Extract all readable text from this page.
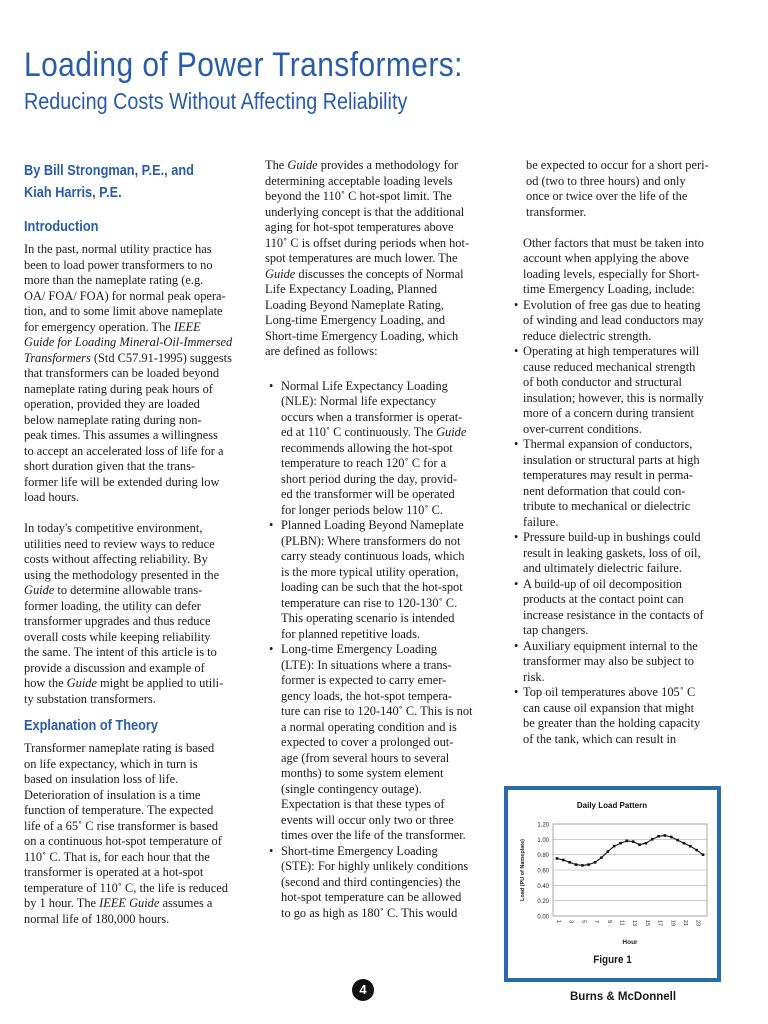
Loading of Power Transformers:
Reducing Costs Without Affecting Reliability
By Bill Strongman, P.E., and
Kiah Harris, P.E.
Introduction
In the past, normal utility practice has
been to load power transformers to no
more than the nameplate rating (e.g.
OA/ FOA/ FOA) for normal peak opera-
tion, and to some limit above nameplate
for emergency operation. The IEEE
Guide for Loading Mineral-Oil-Immersed
Transformers (Std C57.91-1995) suggests
that transformers can be loaded beyond
nameplate rating during peak hours of
operation, provided they are loaded
below nameplate rating during non-
peak times. This assumes a willingness
to accept an accelerated loss of life for a
short duration given that the trans-
former life will be extended during low
load hours.
In today's competitive environment,
utilities need to review ways to reduce
costs without affecting reliability. By
using the methodology presented in the
Guide to determine allowable trans-
former loading, the utility can defer
transformer upgrades and thus reduce
overall costs while keeping reliability
the same. The intent of this article is to
provide a discussion and example of
how the Guide might be applied to utili-
ty substation transformers.
Explanation of Theory
Transformer nameplate rating is based
on life expectancy, which in turn is
based on insulation loss of life.
Deterioration of insulation is a time
function of temperature. The expected
life of a 65˚ C rise transformer is based
on a continuous hot-spot temperature of
110˚ C. That is, for each hour that the
transformer is operated at a hot-spot
temperature of 110˚ C, the life is reduced
by 1 hour. The IEEE Guide assumes a
normal life of 180,000 hours.
The Guide provides a methodology for
determining acceptable loading levels
beyond the 110˚ C hot-spot limit. The
underlying concept is that the additional
aging for hot-spot temperatures above
110˚ C is offset during periods when hot-
spot temperatures are much lower. The
Guide discusses the concepts of Normal
Life Expectancy Loading, Planned
Loading Beyond Nameplate Rating,
Long-time Emergency Loading, and
Short-time Emergency Loading, which
are defined as follows:
• Normal Life Expectancy Loading
(NLE): Normal life expectancy
occurs when a transformer is operat-
ed at 110˚ C continuously. The Guide
recommends allowing the hot-spot
temperature to reach 120˚ C for a
short period during the day, provid-
ed the transformer will be operated
for longer periods below 110˚ C.
• Planned Loading Beyond Nameplate
(PLBN): Where transformers do not
carry steady continuous loads, which
is the more typical utility operation,
loading can be such that the hot-spot
temperature can rise to 120-130˚ C.
This operating scenario is intended
for planned repetitive loads.
• Long-time Emergency Loading
(LTE): In situations where a trans-
former is expected to carry emer-
gency loads, the hot-spot tempera-
ture can rise to 120-140˚ C. This is not
a normal operating condition and is
expected to cover a prolonged out-
age (from several hours to several
months) to some system element
(single contingency outage).
Expectation is that these types of
events will occur only two or three
times over the life of the transformer.
• Short-time Emergency Loading
(STE): For highly unlikely conditions
(second and third contingencies) the
hot-spot temperature can be allowed
to go as high as 180˚ C. This would
be expected to occur for a short peri-
od (two to three hours) and only
once or twice over the life of the
transformer.
Other factors that must be taken into
account when applying the above
loading levels, especially for Short-
time Emergency Loading, include:
• Evolution of free gas due to heating
of winding and lead conductors may
reduce dielectric strength.
• Operating at high temperatures will
cause reduced mechanical strength
of both conductor and structural
insulation; however, this is normally
more of a concern during transient
over-current conditions.
• Thermal expansion of conductors,
insulation or structural parts at high
temperatures may result in perma-
nent deformation that could con-
tribute to mechanical or dielectric
failure.
• Pressure build-up in bushings could
result in leaking gaskets, loss of oil,
and ultimately dielectric failure.
• A build-up of oil decomposition
products at the contact point can
increase resistance in the contacts of
tap changers.
• Auxiliary equipment internal to the
transformer may also be subject to
risk.
• Top oil temperatures above 105˚ C
can cause oil expansion that might
be greater than the holding capacity
of the tank, which can result in
Daily Load Pattern
0.00
0.20
0.40
0.60
0.80
1.00
1.20
1 3 5 7 9 11 13 15 17 19 21 23
Load (PU of Nameplate)
Hour
Figure 1
4	Burns & McDonnell
